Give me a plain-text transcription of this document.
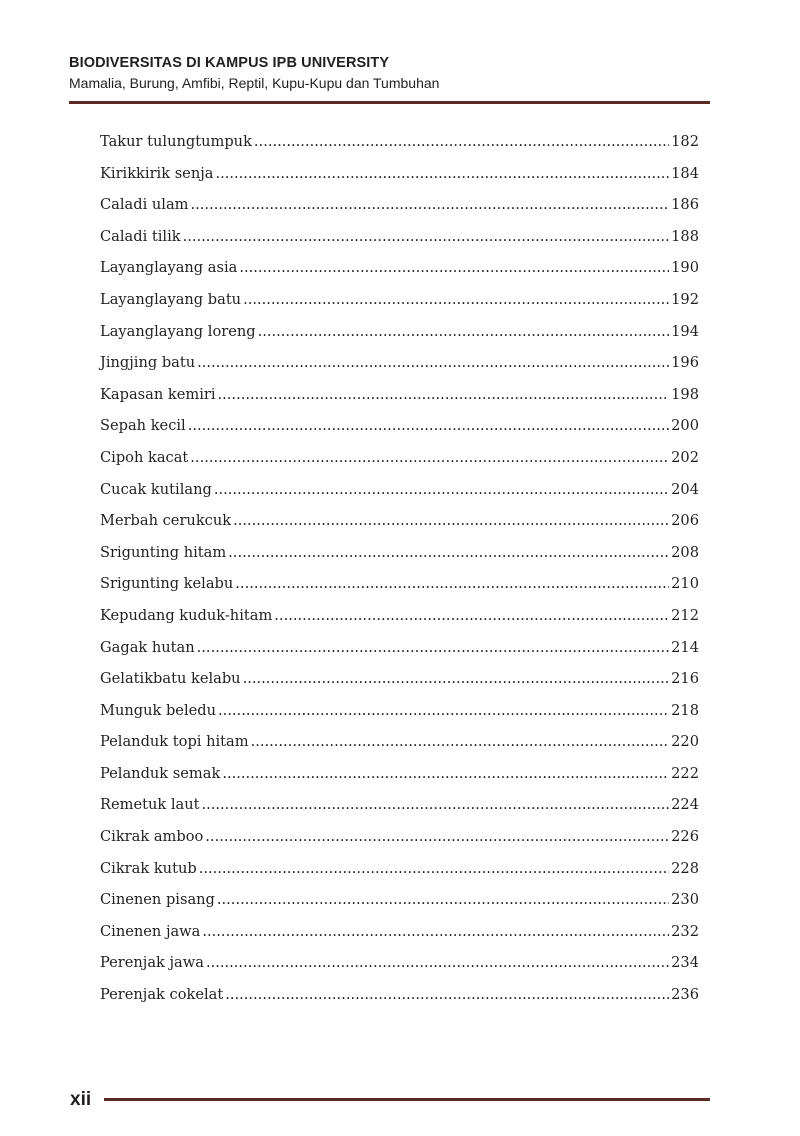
BIODIVERSITAS DI KAMPUS IPB UNIVERSITY
Mamalia, Burung, Amfibi, Reptil, Kupu-Kupu dan Tumbuhan
Takur tulungtumpuk .....	182
Kirikkirik senja .....	184
Caladi ulam .....	186
Caladi tilik .....	188
Layanglayang asia .....	190
Layanglayang batu .....	192
Layanglayang loreng .....	194
Jingjing batu .....	196
Kapasan kemiri .....	198
Sepah kecil .....	200
Cipoh kacat .....	202
Cucak kutilang .....	204
Merbah cerukcuk .....	206
Srigunting hitam .....	208
Srigunting kelabu .....	210
Kepudang kuduk-hitam .....	212
Gagak hutan .....	214
Gelatikbatu kelabu .....	216
Munguk beledu .....	218
Pelanduk topi hitam .....	220
Pelanduk semak .....	222
Remetuk laut .....	224
Cikrak amboo .....	226
Cikrak kutub .....	228
Cinenen pisang .....	230
Cinenen jawa .....	232
Perenjak jawa .....	234
Perenjak cokelat .....	236
xii
